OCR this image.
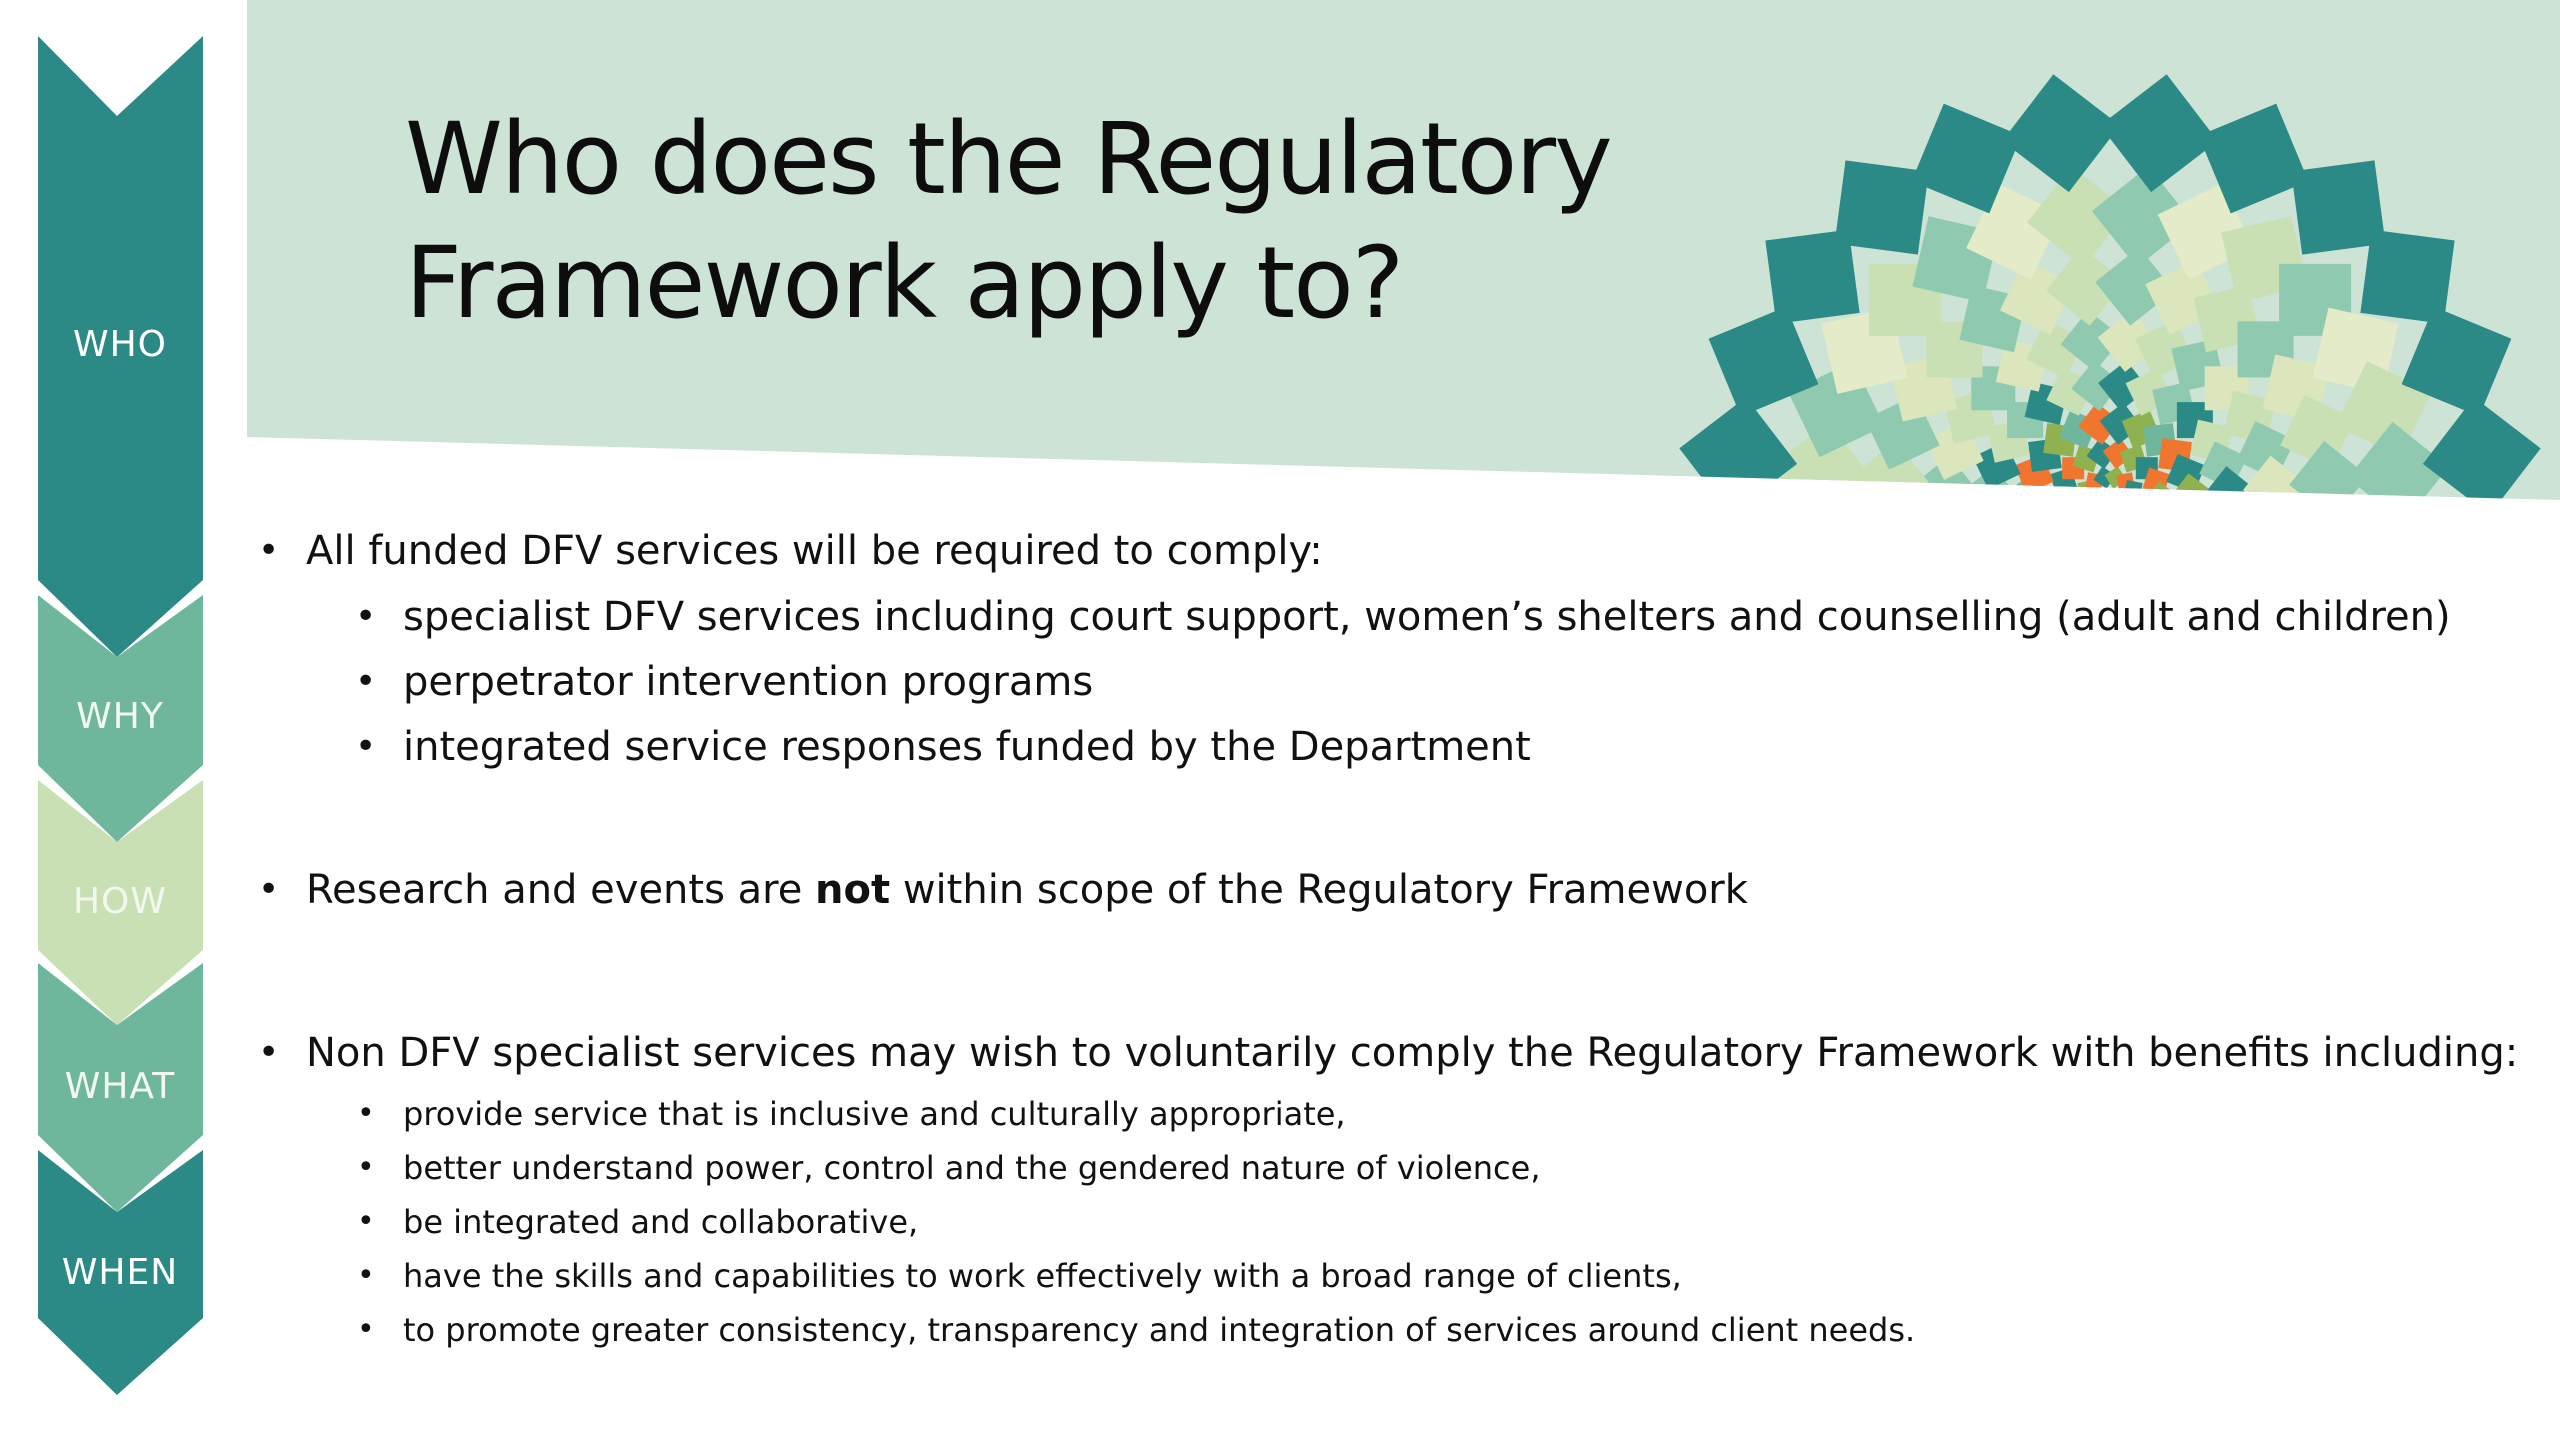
Who does the Regulatory Framework apply to?
WHO
WHY
HOW
WHAT
WHEN
• All funded DFV services will be required to comply:
• specialist DFV services including court support, women’s shelters and counselling (adult and children)
• perpetrator intervention programs
• integrated service responses funded by the Department
• Research and events are not within scope of the Regulatory Framework
• Non DFV specialist services may wish to voluntarily comply the Regulatory Framework with benefits including:
• provide service that is inclusive and culturally appropriate,
• better understand power, control and the gendered nature of violence,
• be integrated and collaborative,
• have the skills and capabilities to work effectively with a broad range of clients,
• to promote greater consistency, transparency and integration of services around client needs.
